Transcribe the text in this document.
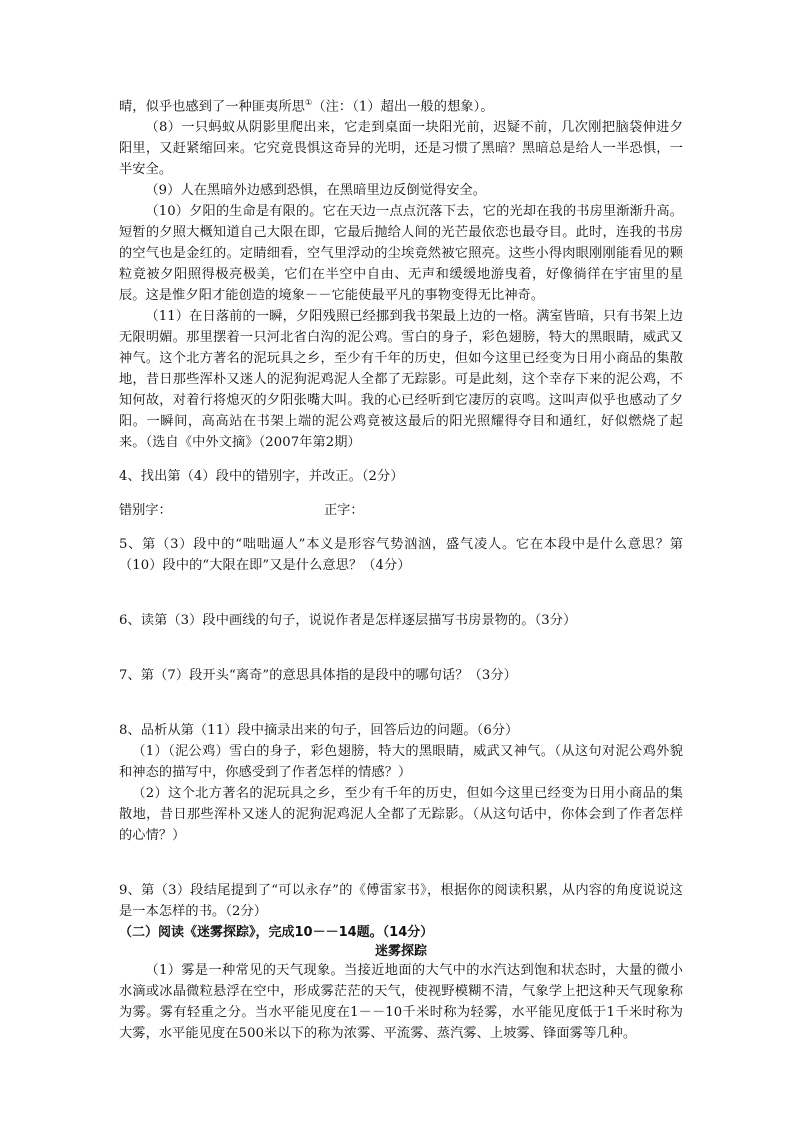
晴，似乎也感到了一种匪夷所思①（注：（1）超出一般的想象）。

（8）一只蚂蚁从阴影里爬出来，它走到桌面一块阳光前，迟疑不前，几次刚把脑袋伸进夕阳里，又赶紧缩回来。它究竟畏惧这奇异的光明，还是习惯了黑暗？黑暗总是给人一半恐惧，一半安全。

（9）人在黑暗外边感到恐惧，在黑暗里边反倒觉得安全。

（10）夕阳的生命是有限的。它在天边一点点沉落下去，它的光却在我的书房里渐渐升高。短暂的夕照大概知道自己大限在即，它最后抛给人间的光芒最依恋也最夺目。此时，连我的书房的空气也是金红的。定睛细看，空气里浮动的尘埃竟然被它照亮。这些小得肉眼刚刚能看见的颗粒竟被夕阳照得极亮极美，它们在半空中自由、无声和缓缓地游曳着，好像徜徉在宇宙里的星辰。这是惟夕阳才能创造的境象－－它能使最平凡的事物变得无比神奇。

（11）在日落前的一瞬，夕阳残照已经挪到我书架最上边的一格。满室皆暗，只有书架上边无限明媚。那里摆着一只河北省白沟的泥公鸡。雪白的身子，彩色翅膀，特大的黑眼睛，威武又神气。这个北方著名的泥玩具之乡，至少有千年的历史，但如今这里已经变为日用小商品的集散地，昔日那些浑朴又迷人的泥狗泥鸡泥人全都了无踪影。可是此刻，这个幸存下来的泥公鸡，不知何故，对着行将熄灭的夕阳张嘴大叫。我的心已经听到它凄厉的哀鸣。这叫声似乎也感动了夕阳。一瞬间，高高站在书架上端的泥公鸡竟被这最后的阳光照耀得夺目和通红，好似燃烧了起来。（选自《中外文摘》（2007年第2期）

4、找出第（4）段中的错别字，并改正。（2分）

错别字：	正字：

5、第（3）段中的“咄咄逼人”本义是形容气势汹汹，盛气凌人。它在本段中是什么意思？第（10）段中的“大限在即”又是什么意思？（4分）

6、读第（3）段中画线的句子，说说作者是怎样逐层描写书房景物的。（3分）

7、第（7）段开头“离奇”的意思具体指的是段中的哪句话？（3分）

8、品析从第（11）段中摘录出来的句子，回答后边的问题。（6分）

（1）（泥公鸡）雪白的身子，彩色翅膀，特大的黑眼睛，威武又神气。（从这句对泥公鸡外貌和神态的描写中，你感受到了作者怎样的情感？）

（2）这个北方著名的泥玩具之乡，至少有千年的历史，但如今这里已经变为日用小商品的集散地，昔日那些浑朴又迷人的泥狗泥鸡泥人全都了无踪影。（从这句话中，你体会到了作者怎样的心情？）

9、第（3）段结尾提到了“可以永存”的《傅雷家书》，根据你的阅读积累，从内容的角度说说这是一本怎样的书。（2分）

（二）阅读《迷雾探踪》，完成10－－14题。（14分）

迷雾探踪

（1）雾是一种常见的天气现象。当接近地面的大气中的水汽达到饱和状态时，大量的微小水滴或冰晶微粒悬浮在空中，形成雾茫茫的天气，使视野模糊不清，气象学上把这种天气现象称为雾。雾有轻重之分。当水平能见度在1－－10千米时称为轻雾，水平能见度低于1千米时称为大雾，水平能见度在500米以下的称为浓雾、平流雾、蒸汽雾、上坡雾、锋面雾等几种。
